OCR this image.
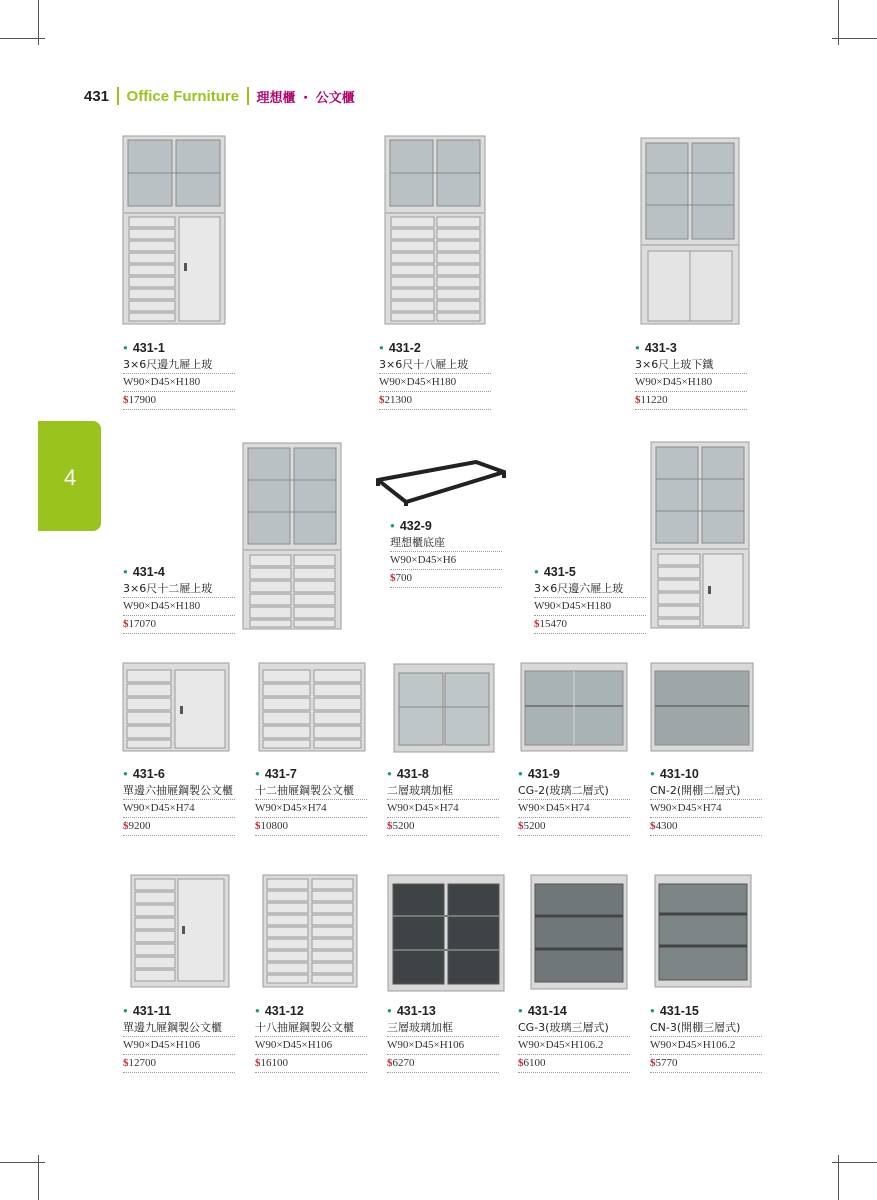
431 Office Furniture 理想櫃 ・ 公文櫃
4
● 431-1
3×6尺邊九屜上玻
W90×D45×H180
$17900
● 431-2
3×6尺十八屜上玻
W90×D45×H180
$21300
● 431-3
3×6尺上玻下鐵
W90×D45×H180
$11220
● 431-4
3×6尺十二屜上玻
W90×D45×H180
$17070
● 432-9
理想櫃底座
W90×D45×H6
$700
●	431-5
3×6尺邊六屜上玻
W90×D45×H180
$15470
● 431-6
單邊六抽屜鋼製公文櫃
W90×D45×H74
$9200
● 431-7
十二抽屜鋼製公文櫃
W90×D45×H74
$10800
● 431-8
二層玻璃加框
W90×D45×H74
$5200
● 431-9
CG-2(玻璃二層式)
W90×D45×H74
$5200
● 431-10
CN-2(開棚二層式)
W90×D45×H74
$4300
● 431-11
單邊九屜鋼製公文櫃
W90×D45×H106
$12700
● 431-12
十八抽屜鋼製公文櫃
W90×D45×H106
$16100
● 431-13
三層玻璃加框
W90×D45×H106
$6270
● 431-14
CG-3(玻璃三層式)
W90×D45×H106.2
$6100
● 431-15
CN-3(開棚三層式)
W90×D45×H106.2
$5770
